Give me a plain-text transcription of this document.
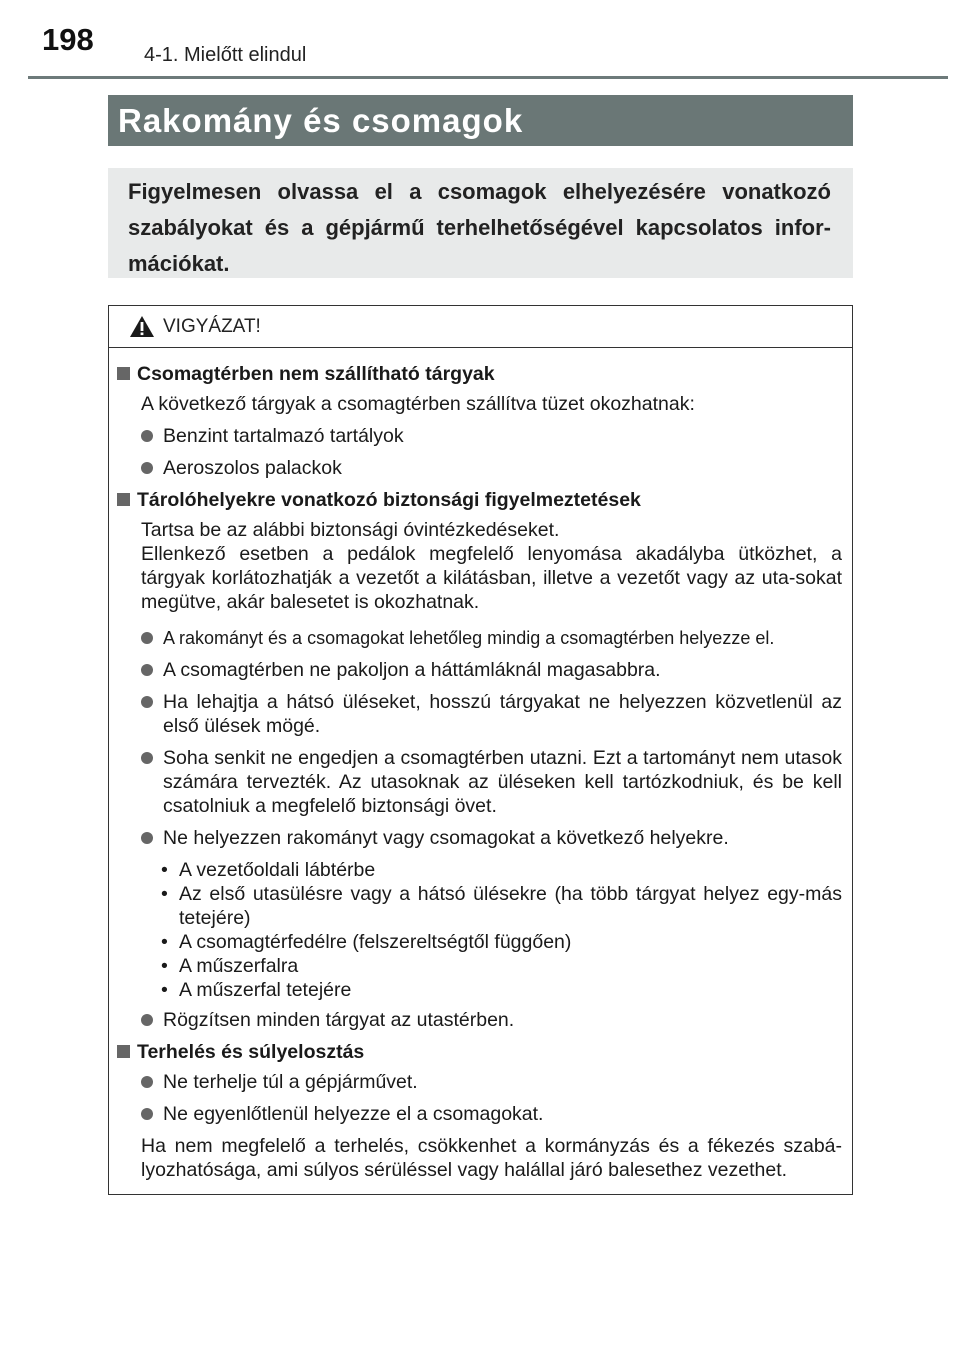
198	4-1. Mielőtt elindul
Rakomány és csomagok
Figyelmesen olvassa el a csomagok elhelyezésére vonatkozó szabályokat és a gépjármű terhelhetőségével kapcsolatos infor-mációkat.
VIGYÁZAT!
Csomagtérben nem szállítható tárgyak
A következő tárgyak a csomagtérben szállítva tüzet okozhatnak:
Benzint tartalmazó tartályok
Aeroszolos palackok
Tárolóhelyekre vonatkozó biztonsági figyelmeztetések
Tartsa be az alábbi biztonsági óvintézkedéseket.
Ellenkező esetben a pedálok megfelelő lenyomása akadályba ütközhet, a tárgyak korlátozhatják a vezetőt a kilátásban, illetve a vezetőt vagy az uta-sokat megütve, akár balesetet is okozhatnak.
A rakományt és a csomagokat lehetőleg mindig a csomagtérben helyezze el.
A csomagtérben ne pakoljon a háttámláknál magasabbra.
Ha lehajtja a hátsó üléseket, hosszú tárgyakat ne helyezzen közvetlenül az első ülések mögé.
Soha senkit ne engedjen a csomagtérben utazni. Ezt a tartományt nem utasok számára tervezték. Az utasoknak az üléseken kell tartózkodniuk, és be kell csatolniuk a megfelelő biztonsági övet.
Ne helyezzen rakományt vagy csomagokat a következő helyekre.
• A vezetőoldali lábtérbe
• Az első utasülésre vagy a hátsó ülésekre (ha több tárgyat helyez egy-más tetejére)
• A csomagtérfedélre (felszereltségtől függően)
• A műszerfalra
• A műszerfal tetejére
Rögzítsen minden tárgyat az utastérben.
Terhelés és súlyelosztás
Ne terhelje túl a gépjárművet.
Ne egyenlőtlenül helyezze el a csomagokat.
Ha nem megfelelő a terhelés, csökkenhet a kormányzás és a fékezés szabá-lyozhatósága, ami súlyos sérüléssel vagy halállal járó balesethez vezethet.
